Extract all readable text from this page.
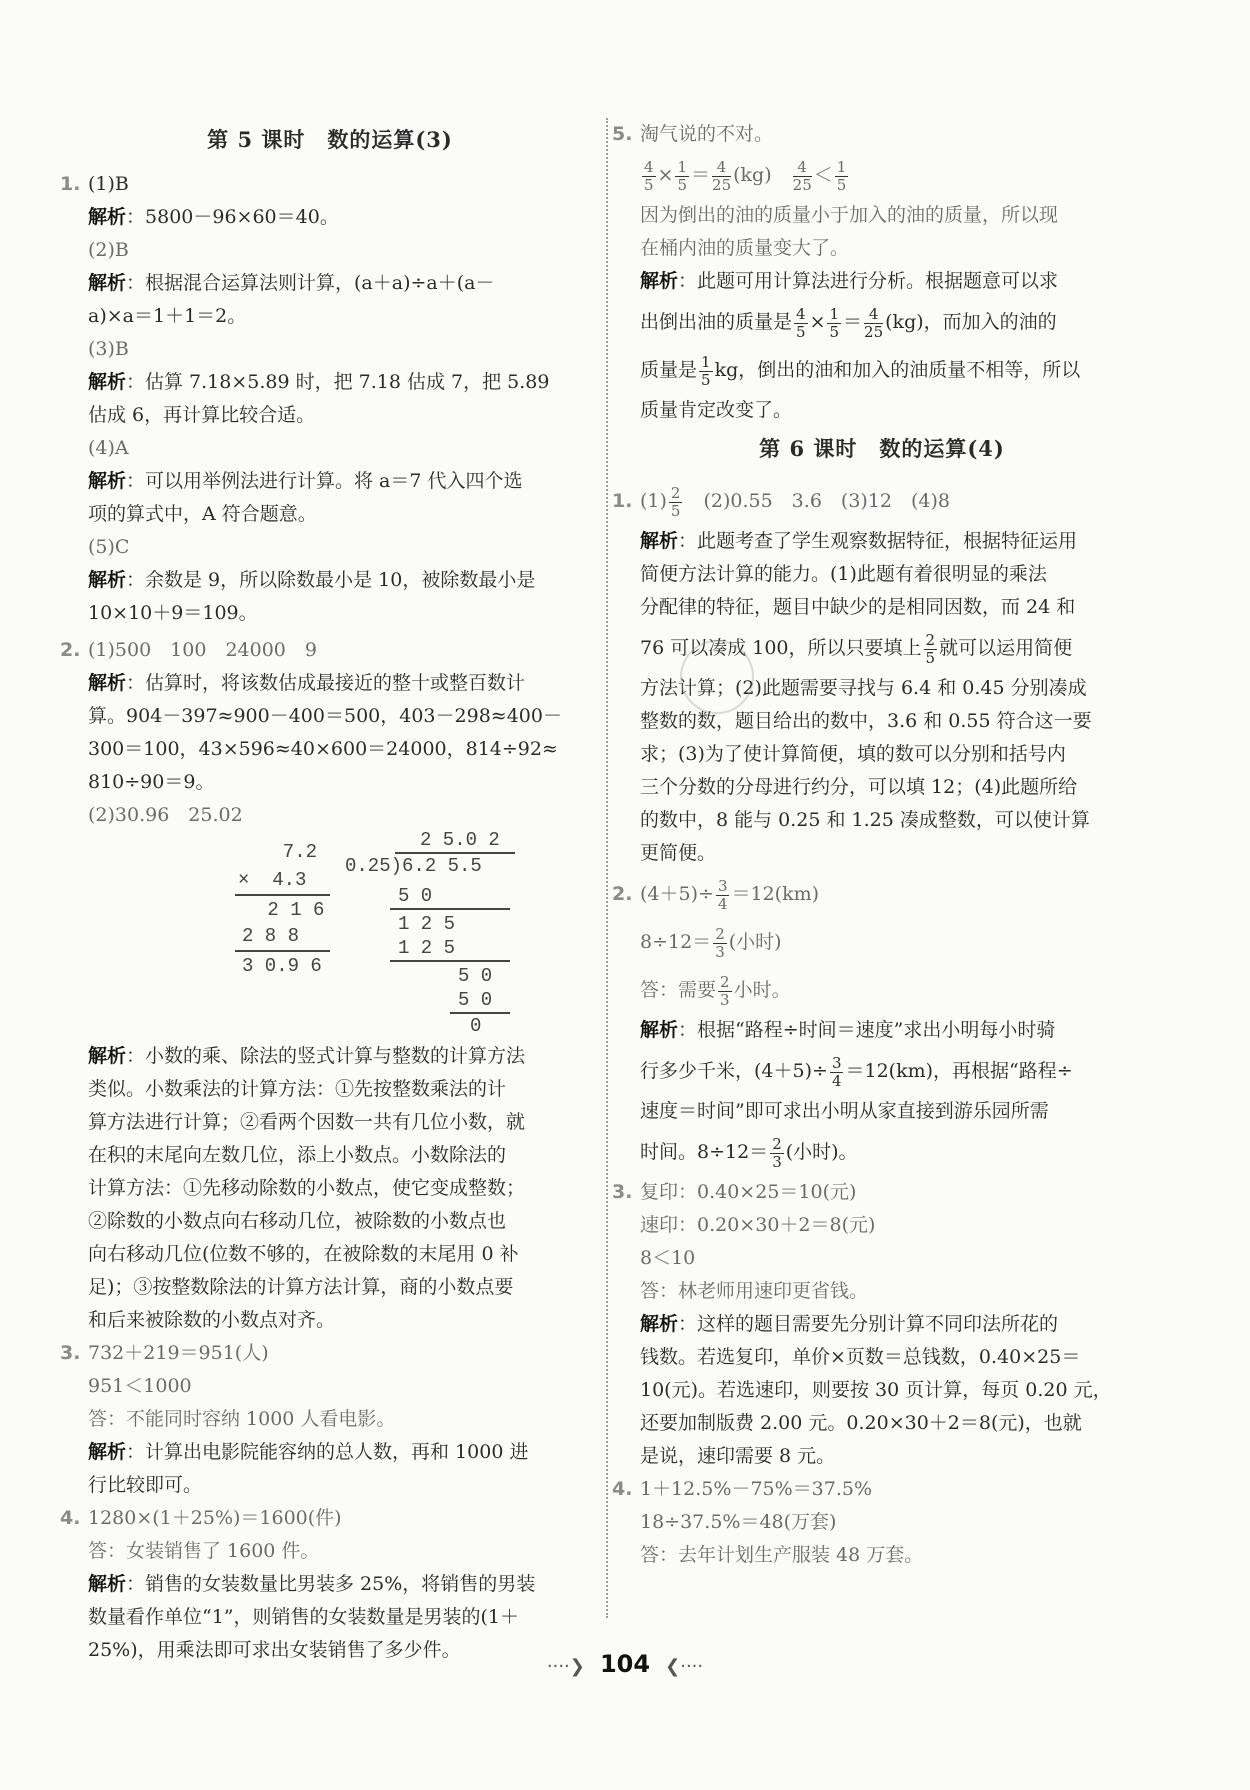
第 5 课时　数的运算(3)
1. (1)B
解析：5800－96×60＝40。
(2)B
解析：根据混合运算法则计算，(a＋a)÷a＋(a－
a)×a＝1＋1＝2。
(3)B
解析：估算 7.18×5.89 时，把 7.18 估成 7，把 5.89
估成 6，再计算比较合适。
(4)A
解析：可以用举例法进行计算。将 a＝7 代入四个选
项的算式中，A 符合题意。
(5)C
解析：余数是 9，所以除数最小是 10，被除数最小是
10×10＋9＝109。
2. (1)500　100　24000　9
解析：估算时，将该数估成最接近的整十或整百数计
算。904－397≈900－400＝500，403－298≈400－
300＝100，43×596≈40×600＝24000，814÷92≈
810÷90＝9。
(2)30.96　25.02
7.2
×  4.3
2 1 6
2 8 8
3 0.9 6
2 5.0 2
0.25)6.2 5.5
5 0
1 2 5
1 2 5
5 0
5 0
0
解析：小数的乘、除法的竖式计算与整数的计算方法
类似。小数乘法的计算方法：①先按整数乘法的计
算方法进行计算；②看两个因数一共有几位小数，就
在积的末尾向左数几位，添上小数点。小数除法的
计算方法：①先移动除数的小数点，使它变成整数；
②除数的小数点向右移动几位，被除数的小数点也
向右移动几位(位数不够的，在被除数的末尾用 0 补
足)；③按整数除法的计算方法计算，商的小数点要
和后来被除数的小数点对齐。
3. 732＋219＝951(人)
951＜1000
答：不能同时容纳 1000 人看电影。
解析：计算出电影院能容纳的总人数，再和 1000 进
行比较即可。
4. 1280×(1＋25%)＝1600(件)
答：女装销售了 1600 件。
解析：销售的女装数量比男装多 25%，将销售的男装
数量看作单位“1”，则销售的女装数量是男装的(1＋
25%)，用乘法即可求出女装销售了多少件。
5. 淘气说的不对。
$\frac{4}{5} \times \frac{1}{5} = \frac{4}{25} (kg)$　 $\frac{4}{25} < \frac{1}{5}$
因为倒出的油的质量小于加入的油的质量，所以现
在桶内油的质量变大了。
解析：此题可用计算法进行分析。根据题意可以求
出倒出油的质量是 $\frac{4}{5} \times \frac{1}{5} = \frac{4}{25} (kg)$，而加入的油的
质量是 $\frac{1}{5}$ kg，倒出的油和加入的油质量不相等，所以
质量肯定改变了。
第 6 课时　数的运算(4)
1. $(1) \frac{2}{5}$ 　(2)0.55　3.6　(3)12　(4)8
解析：此题考查了学生观察数据特征，根据特征运用
简便方法计算的能力。(1)此题有着很明显的乘法
分配律的特征，题目中缺少的是相同因数，而 24 和
76 可以凑成 100，所以只要填上 $\frac{2}{5}$ 就可以运用简便
方法计算；(2)此题需要寻找与 6.4 和 0.45 分别凑成
整数的数，题目给出的数中，3.6 和 0.55 符合这一要
求；(3)为了使计算简便，填的数可以分别和括号内
三个分数的分母进行约分，可以填 12；(4)此题所给
的数中，8 能与 0.25 和 1.25 凑成整数，可以使计算
更简便。
2. $(4+5)\div \frac{3}{4} =12(km)$
$8\div 12= \frac{2}{3}$ (小时)
答：需要 $\frac{2}{3}$ 小时。
解析：根据“路程÷时间＝速度”求出小明每小时骑
行多少千米，$(4+5)\div \frac{3}{4} =12(km)$，再根据“路程÷
速度＝时间”即可求出小明从家直接到游乐园所需
时间。$8\div 12= \frac{2}{3}$ (小时)。
3. 复印：0.40×25＝10(元)
速印：0.20×30＋2＝8(元)
8＜10
答：林老师用速印更省钱。
解析：这样的题目需要先分别计算不同印法所花的
钱数。若选复印，单价×页数＝总钱数，0.40×25＝
10(元)。若选速印，则要按 30 页计算，每页 0.20 元，
还要加制版费 2.00 元。0.20×30＋2＝8(元)，也就
是说，速印需要 8 元。
4. 1＋12.5%－75%＝37.5%
18÷37.5%＝48(万套)
答：去年计划生产服装 48 万套。
····❯ 104 ❮····
